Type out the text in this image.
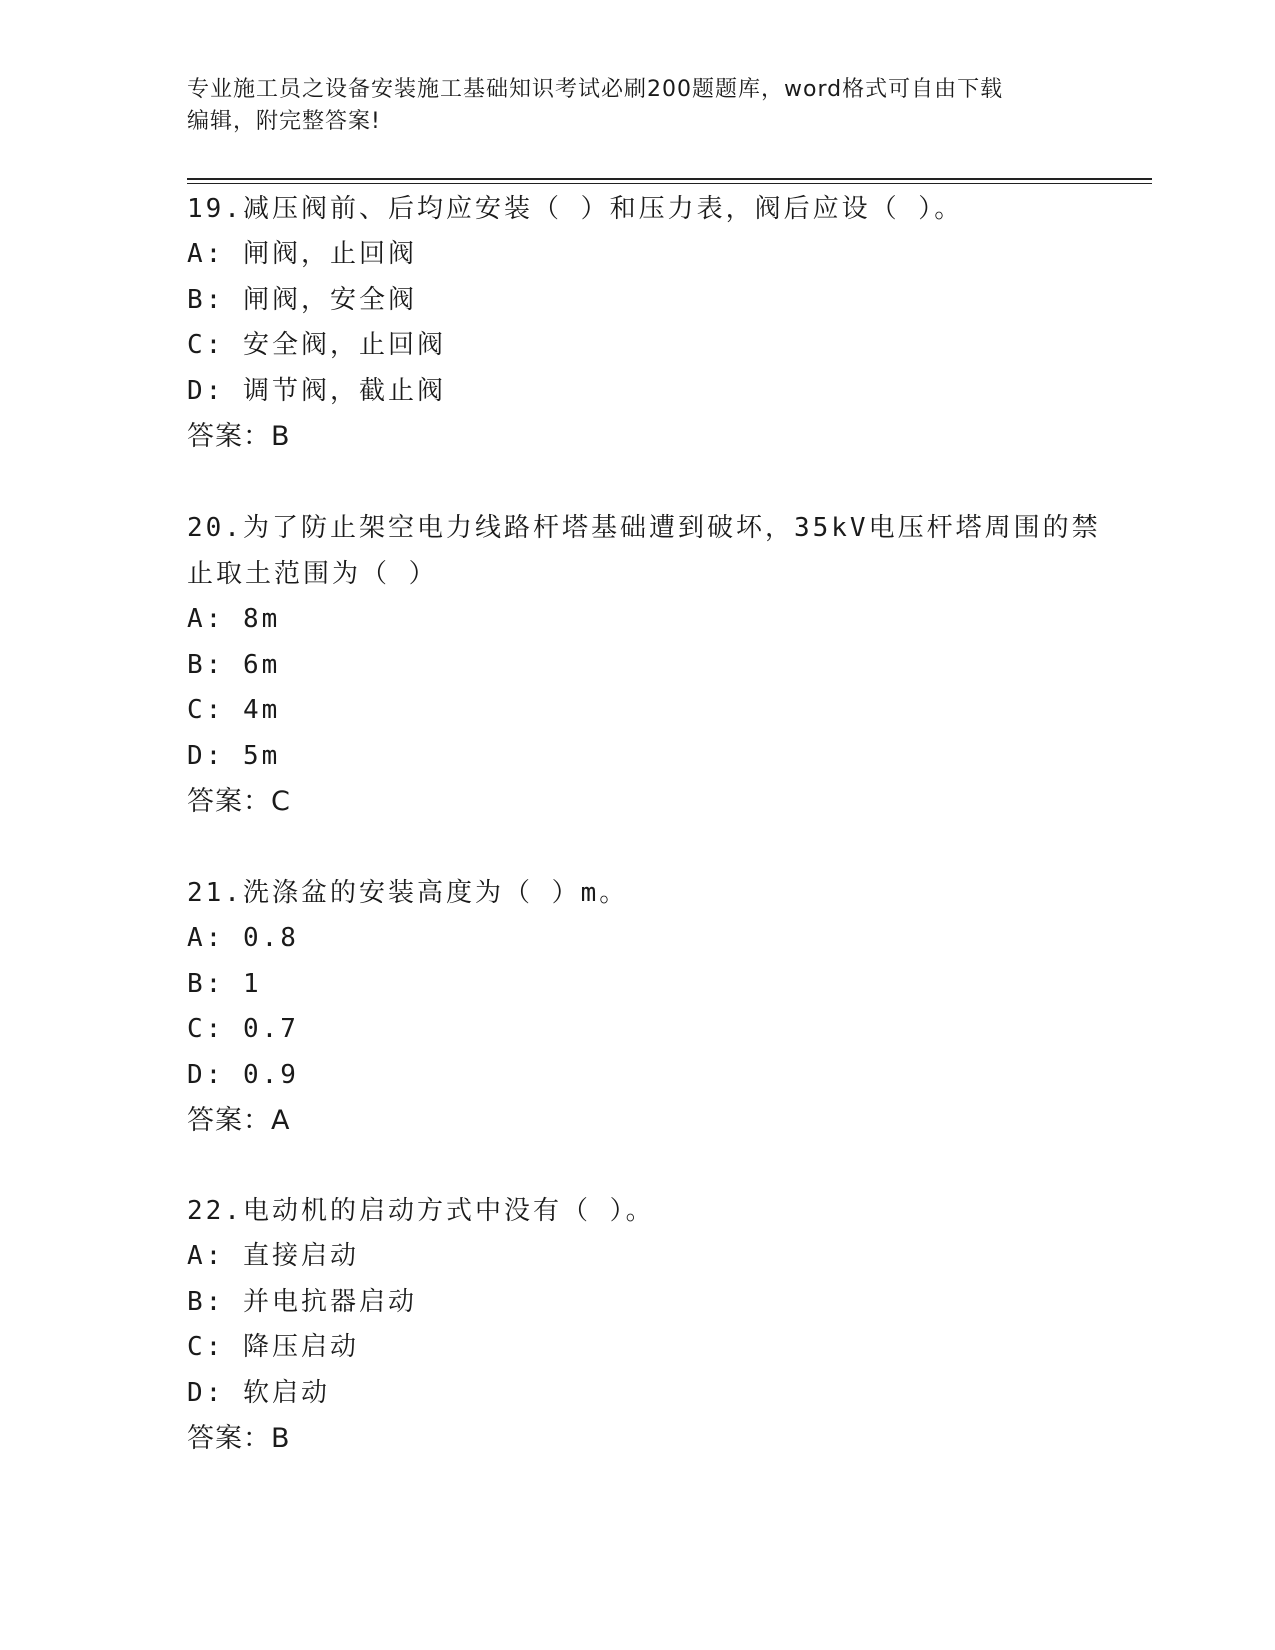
专业施工员之设备安装施工基础知识考试必刷200题题库，word格式可自由下载
编辑，附完整答案!
19.减压阀前、后均应安装（ ）和压力表，阀后应设（ ）。
A: 闸阀，止回阀
B: 闸阀，安全阀
C: 安全阀，止回阀
D: 调节阀，截止阀
答案：B
20.为了防止架空电力线路杆塔基础遭到破坏，35kV电压杆塔周围的禁
止取土范围为（ ）
A: 8m
B: 6m
C: 4m
D: 5m
答案：C
21.洗涤盆的安装高度为（ ）m。
A: 0.8
B: 1
C: 0.7
D: 0.9
答案：A
22.电动机的启动方式中没有（ ）。
A: 直接启动
B: 并电抗器启动
C: 降压启动
D: 软启动
答案：B
